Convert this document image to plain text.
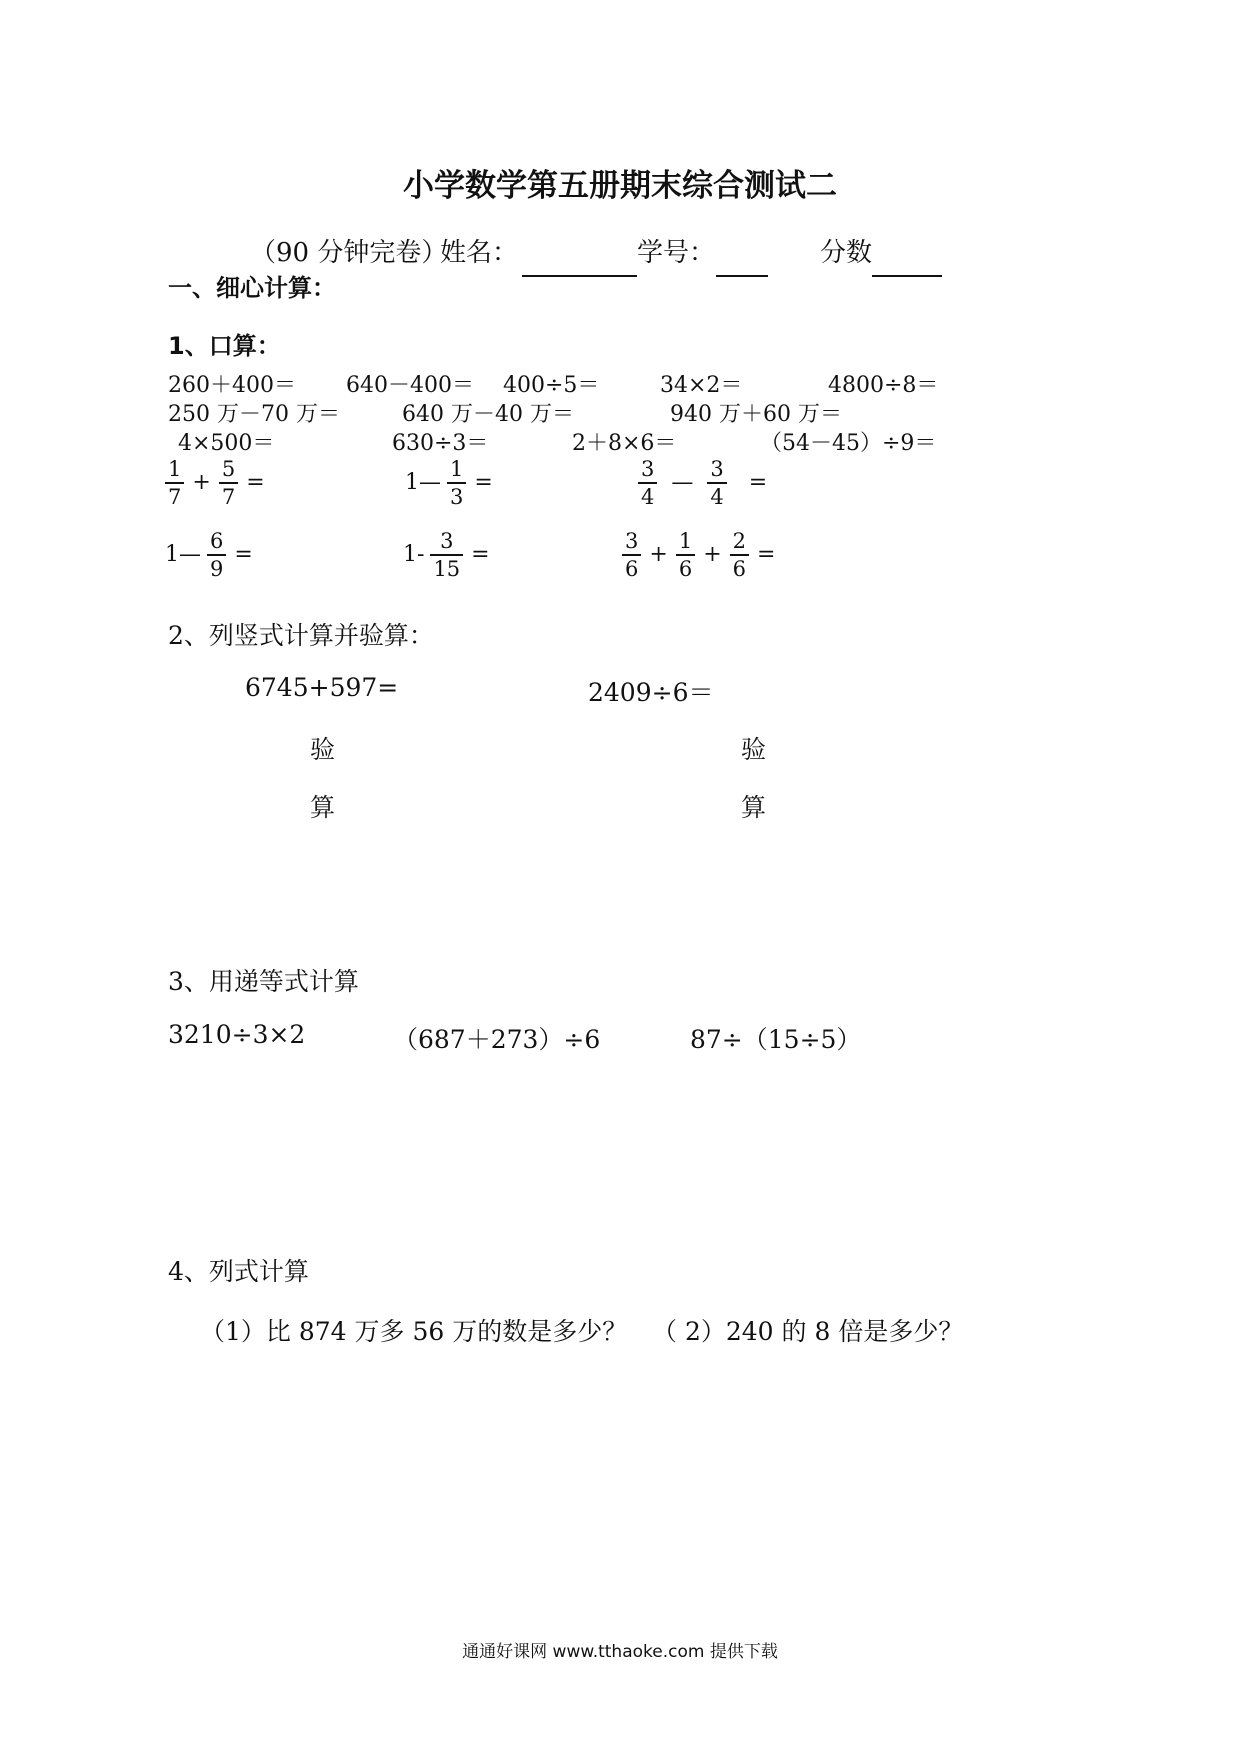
小学数学第五册期末综合测试二
（90 分钟完卷）
姓名：	学号：	分数
一、细心计算：
1、口算：
260＋400＝ 640－400＝ 400÷5＝	34×2＝	4800÷8＝
250 万－70 万＝	640 万－40 万＝	940 万＋60 万＝
4×500＝	630÷3＝	2＋8×6＝	（54－45）÷9＝
$\frac{1}{7} + \frac{5}{7}$ =	1— $\frac{1}{3}$ =	$\frac{3}{4}$ — $\frac{3}{4}$ =
1— $\frac{6}{9}$ =	$1- \frac{3}{15}$ =	$\frac{3}{6} + \frac{1}{6} + \frac{2}{6}$ =
2、列竖式计算并验算：
6745+597=	2409÷6＝
验
算
验
算
3、用递等式计算
3210÷3×2	（687＋273）÷6	87÷（15÷5）
4、列式计算
（1）比 874 万多 56 万的数是多少？ （ 2）240 的 8 倍是多少？
通通好课网 www.tthaoke.com 提供下载
